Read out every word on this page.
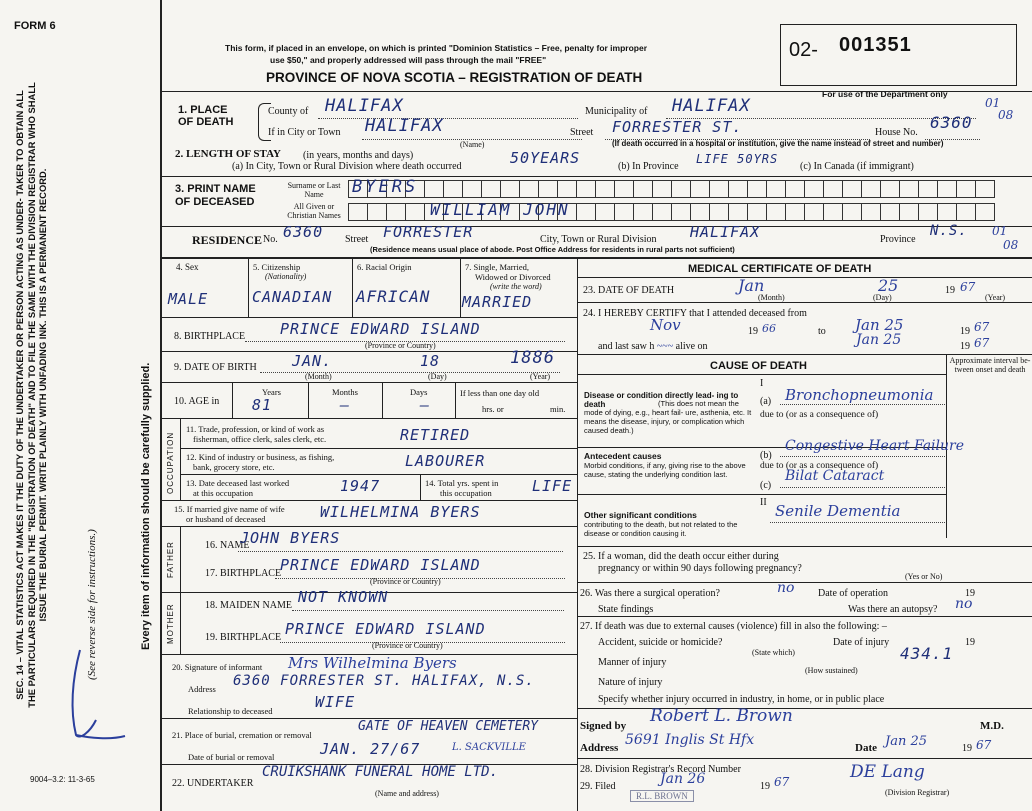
FORM 6
This form, if placed in an envelope, on which is printed "Dominion Statistics – Free, penalty for improper
use $50," and properly addressed will pass through the mail "FREE"
PROVINCE OF NOVA SCOTIA – REGISTRATION OF DEATH
02- 001351
For use of the Department only
01
08
SEC. 14 – VITAL STATISTICS ACT MAKES IT THE DUTY OF THE UNDERTAKER OR PERSON ACTING AS UNDER- TAKER TO OBTAIN ALL THE PARTICULARS REQUIRED IN THE "REGISTRATION OF DEATH" AND TO FILE THE SAME WITH THE DIVISION REGISTRAR WHO SHALL ISSUE THE BURIAL PERMIT. WRITE PLAINLY WITH UNFADING INK. THIS IS A PERMANENT RECORD.	(See reverse side for instructions.)	Every item of information should be carefully supplied.
9004–3.2: 11-3-65
1. PLACE OF DEATH
County of HALIFAX	Municipality of HALIFAX
If in City or Town HALIFAX
(Name)
Street FORRESTER ST.	House No.
6360
(If death occurred in a hospital or institution, give the name instead of street and number)
2. LENGTH OF STAY (in years, months and days)
(a) In City, Town or Rural Division where death occurred	50YEARS	(b) In Province
LIFE 50YRS
(c) In Canada (if immigrant)
3. PRINT NAME OF DECEASED
Surname or Last Name
All Given or Christian Names
BYERS
WILLIAM JOHN
RESIDENCE No. 6360 Street FORRESTER	City, Town or Rural Division HALIFAX	Province
N.S. 01
08
(Residence means usual place of abode. Post Office Address for residents in rural parts not sufficient)
4. Sex	5. Citizenship
(Nationality)
6. Racial Origin	7. Single, Married,
Widowed or Divorced
(write the word)
MALE	CANADIAN AFRICAN MARRIED
8. BIRTHPLACE PRINCE EDWARD ISLAND
(Province or Country)
9. DATE OF BIRTH JAN.	18	1886
(Month)	(Day)	(Year)
10. AGE in
Years	Months	Days
81	—	—
If less than one day old
hrs. or	min.
OCCUPATION
11. Trade, profession, or kind of work as
fisherman, office clerk, sales clerk, etc.	RETIRED
12. Kind of industry or business, as fishing,
bank, grocery store, etc.	LABOURER
13. Date deceased last worked
at this occupation	1947	14. Total yrs. spent in
this occupation	LIFE
15. If married give name of wife
or husband of deceased	WILHELMINA BYERS
FATHER	16. NAME
JOHN BYERS
17. BIRTHPLACE
PRINCE EDWARD ISLAND
(Province or Country)
MOTHER	18. MAIDEN NAME NOT KNOWN
19. BIRTHPLACE PRINCE EDWARD ISLAND
(Province or Country)
20. Signature of informant Mrs Wilhelmina Byers
Address 6360 FORRESTER ST. HALIFAX, N.S.
Relationship to deceased	WIFE
21. Place of burial, cremation or removal
GATE OF HEAVEN CEMETERY
Date of burial or removal	JAN. 27/67	L. SACKVILLE
22. UNDERTAKER
CRUIKSHANK FUNERAL HOME LTD.
(Name and address)
MEDICAL CERTIFICATE OF DEATH
23. DATE OF DEATH	Jan	25	19 67
(Month)	(Day)	(Year)
24. I HEREBY CERTIFY that I attended deceased from
Nov	19 66	to Jan 25	19 67
and last saw h ~~~ alive on	Jan 25	19 67
CAUSE OF DEATH	Approximate interval be- tween onset and death
I
Disease or condition directly lead- ing to death	(This does not mean the mode of dying, e.g., heart fail- ure, asthenia, etc. It means the disease, injury, or complication which caused death.)
(a) Bronchopneumonia
due to (or as a consequence of)
Antecedent causes
Morbid conditions, if any, giving rise to the above cause, stating the underlying condition last.
(b)
Congestive Heart Failure
due to (or as a consequence of)
(c)
Bilat Cataract
II
Other significant conditions
contributing to the death, but not related to the disease or condition causing it.
Senile Dementia
25. If a woman, did the death occur either during
pregnancy or within 90 days following pregnancy?
(Yes or No)
26. Was there a surgical operation?	no Date of operation	19
State findings	Was there an autopsy? no
27. If death was due to external causes (violence) fill in also the following: –
Accident, suicide or homicide?	Date of injury	19
(State which)	434.1
Manner of injury
(How sustained)
Nature of injury
Specify whether injury occurred in industry, in home, or in public place
Signed by Robert L. Brown	M.D.
Address 5691 Inglis St Hfx	Date Jan 25	19 67
28. Division Registrar's Record Number
29. Filed	Jan 26	19 67	DE Lang
(Division Registrar)
R.L. BROWN
